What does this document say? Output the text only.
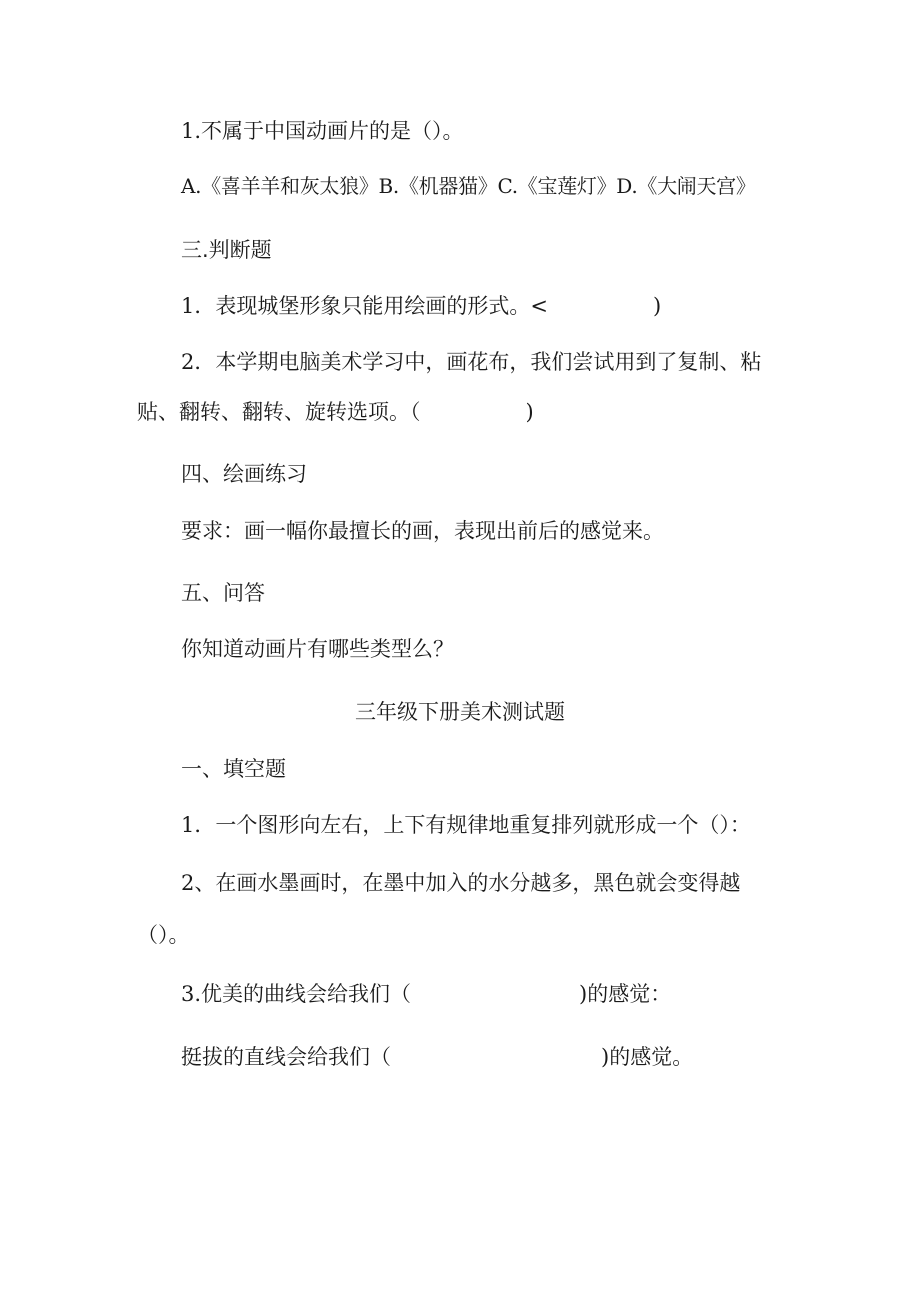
1.不属于中国动画片的是（）。
A.《喜羊羊和灰太狼》B.《机器猫》C.《宝莲灯》D.《大闹天宫》
三.判断题
1．表现城堡形象只能用绘画的形式。<　　　　　)
2．本学期电脑美术学习中，画花布，我们尝试用到了复制、粘
贴、翻转、翻转、旋转选项。（　　　　　)
四、绘画练习
要求：画一幅你最擅长的画，表现出前后的感觉来。
五、问答
你知道动画片有哪些类型么？
三年级下册美术测试题
一、填空题
1．一个图形向左右，上下有规律地重复排列就形成一个（）：
2、在画水墨画时，在墨中加入的水分越多，黑色就会变得越
（）。
3.优美的曲线会给我们（　　　　　　　　)的感觉：
挺拔的直线会给我们（　　　　　　　　　　)的感觉。
